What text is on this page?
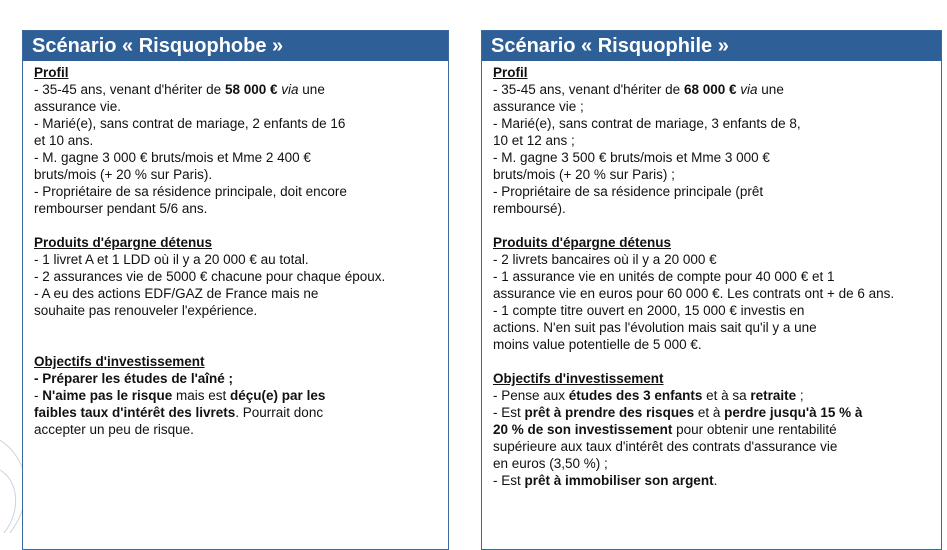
Scénario « Risquophobe »

Profil

- 35-45 ans, venant d'hériter de 58 000 € via une

assurance vie.

- Marié(e), sans contrat de mariage, 2 enfants de 16

et 10 ans.

- M. gagne 3 000 € bruts/mois et Mme 2 400 €

bruts/mois (+ 20 % sur Paris).

- Propriétaire de sa résidence principale, doit encore

rembourser pendant 5/6 ans.

Produits d'épargne détenus

- 1 livret A et 1 LDD où il y a 20 000 € au total.

- 2 assurances vie de 5000 € chacune pour chaque époux.

- A eu des actions EDF/GAZ de France mais ne

souhaite pas renouveler l'expérience.

Objectifs d'investissement

- Préparer les études de l'aîné ;

- N'aime pas le risque mais est déçu(e) par les

faibles taux d'intérêt des livrets. Pourrait donc

accepter un peu de risque.

Scénario « Risquophile »

Profil

- 35-45 ans, venant d'hériter de 68 000 € via une

assurance vie ;

- Marié(e), sans contrat de mariage, 3 enfants de 8,

10 et 12 ans ;

- M. gagne 3 500 € bruts/mois et Mme 3 000 €

bruts/mois (+ 20 % sur Paris) ;

- Propriétaire de sa résidence principale (prêt

remboursé).

Produits d'épargne détenus

- 2 livrets bancaires où il y a 20 000 €

- 1 assurance vie en unités de compte pour 40 000 € et 1

assurance vie en euros pour 60 000 €. Les contrats ont + de 6 ans.

- 1 compte titre ouvert en 2000, 15 000 € investis en

actions. N'en suit pas l'évolution mais sait qu'il y a une

moins value potentielle de 5 000 €.

Objectifs d'investissement

- Pense aux études des 3 enfants et à sa retraite ;

- Est prêt à prendre des risques et à perdre jusqu'à 15 % à

20 % de son investissement pour obtenir une rentabilité

supérieure aux taux d'intérêt des contrats d'assurance vie

en euros (3,50 %) ;

- Est prêt à immobiliser son argent.
